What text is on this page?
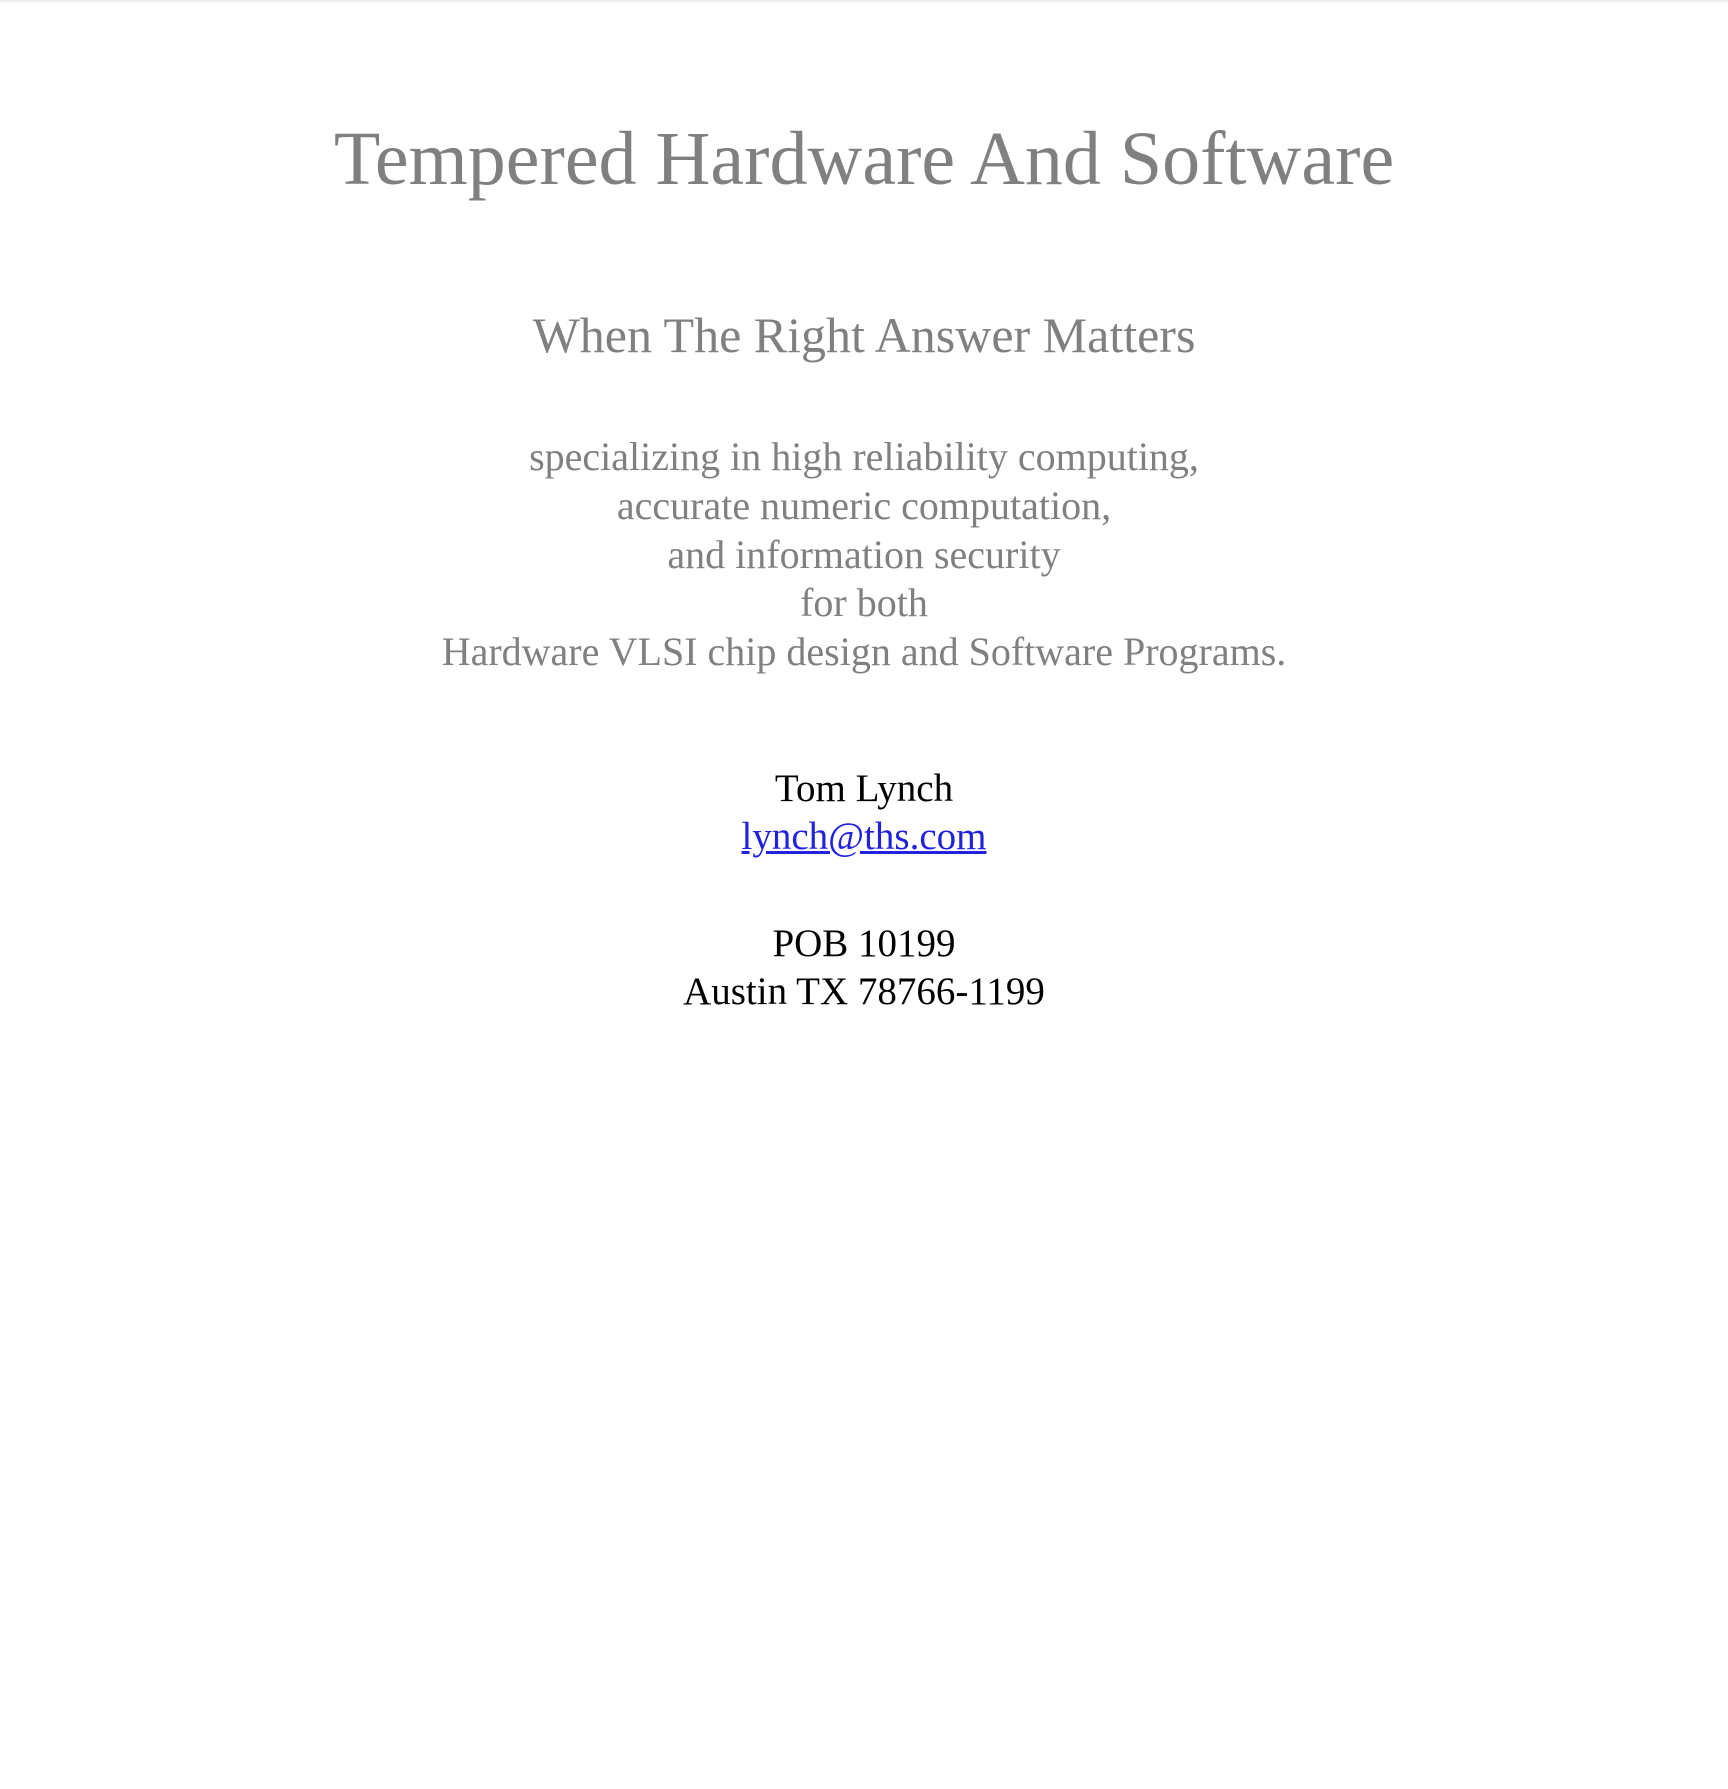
Tempered Hardware And Software
When The Right Answer Matters
specializing in high reliability computing,
accurate numeric computation,
and information security
for both
Hardware VLSI chip design and Software Programs.
Tom Lynch
lynch@ths.com
POB 10199
Austin TX 78766-1199
